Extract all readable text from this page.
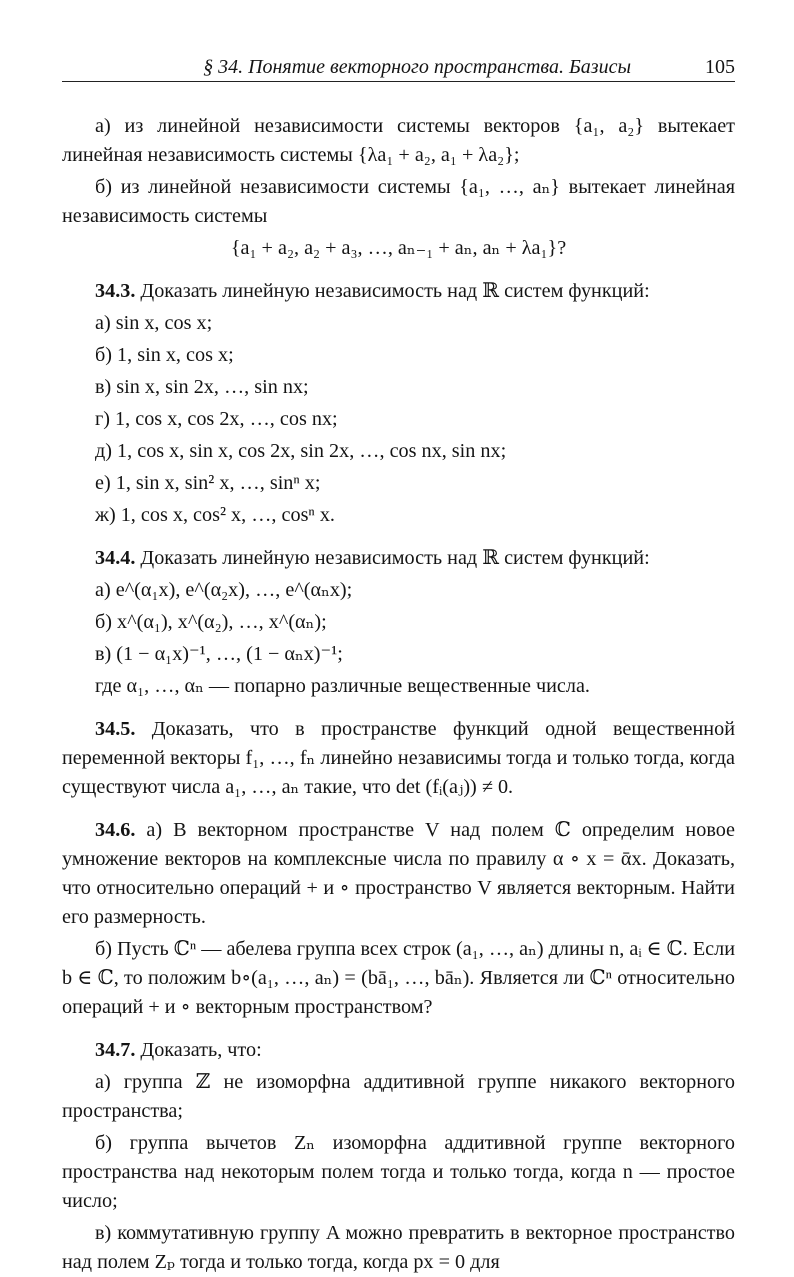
§ 34. Понятие векторного пространства. Базисы	105

а) из линейной независимости системы векторов {a₁, a₂} вытекает линейная независимость системы {λa₁ + a₂, a₁ + λa₂};

б) из линейной независимости системы {a₁, …, aₙ} вытекает линейная независимость системы

{a₁ + a₂, a₂ + a₃, …, aₙ₋₁ + aₙ, aₙ + λa₁}?

34.3. Доказать линейную независимость над ℝ систем функций:

а) sin x, cos x;

б) 1, sin x, cos x;

в) sin x, sin 2x, …, sin nx;

г) 1, cos x, cos 2x, …, cos nx;

д) 1, cos x, sin x, cos 2x, sin 2x, …, cos nx, sin nx;

е) 1, sin x, sin² x, …, sinⁿ x;

ж) 1, cos x, cos² x, …, cosⁿ x.

34.4. Доказать линейную независимость над ℝ систем функций:

а) e^(α₁x), e^(α₂x), …, e^(αₙx);

б) x^(α₁), x^(α₂), …, x^(αₙ);

в) (1 − α₁x)⁻¹, …, (1 − αₙx)⁻¹;

где α₁, …, αₙ — попарно различные вещественные числа.

34.5. Доказать, что в пространстве функций одной вещественной переменной векторы f₁, …, fₙ линейно независимы тогда и только тогда, когда существуют числа a₁, …, aₙ такие, что det (fᵢ(aⱼ)) ≠ 0.

34.6. а) В векторном пространстве V над полем ℂ определим новое умножение векторов на комплексные числа по правилу α ∘ x = ᾱx. Доказать, что относительно операций + и ∘ пространство V является векторным. Найти его размерность.

б) Пусть ℂⁿ — абелева группа всех строк (a₁, …, aₙ) длины n, aᵢ ∈ ℂ. Если b ∈ ℂ, то положим b∘(a₁, …, aₙ) = (bā₁, …, bāₙ). Является ли ℂⁿ относительно операций + и ∘ векторным пространством?

34.7. Доказать, что:

а) группа ℤ не изоморфна аддитивной группе никакого векторного пространства;

б) группа вычетов Zₙ изоморфна аддитивной группе векторного пространства над некоторым полем тогда и только тогда, когда n — простое число;

в) коммутативную группу A можно превратить в векторное пространство над полем Zₚ тогда и только тогда, когда px = 0 для
